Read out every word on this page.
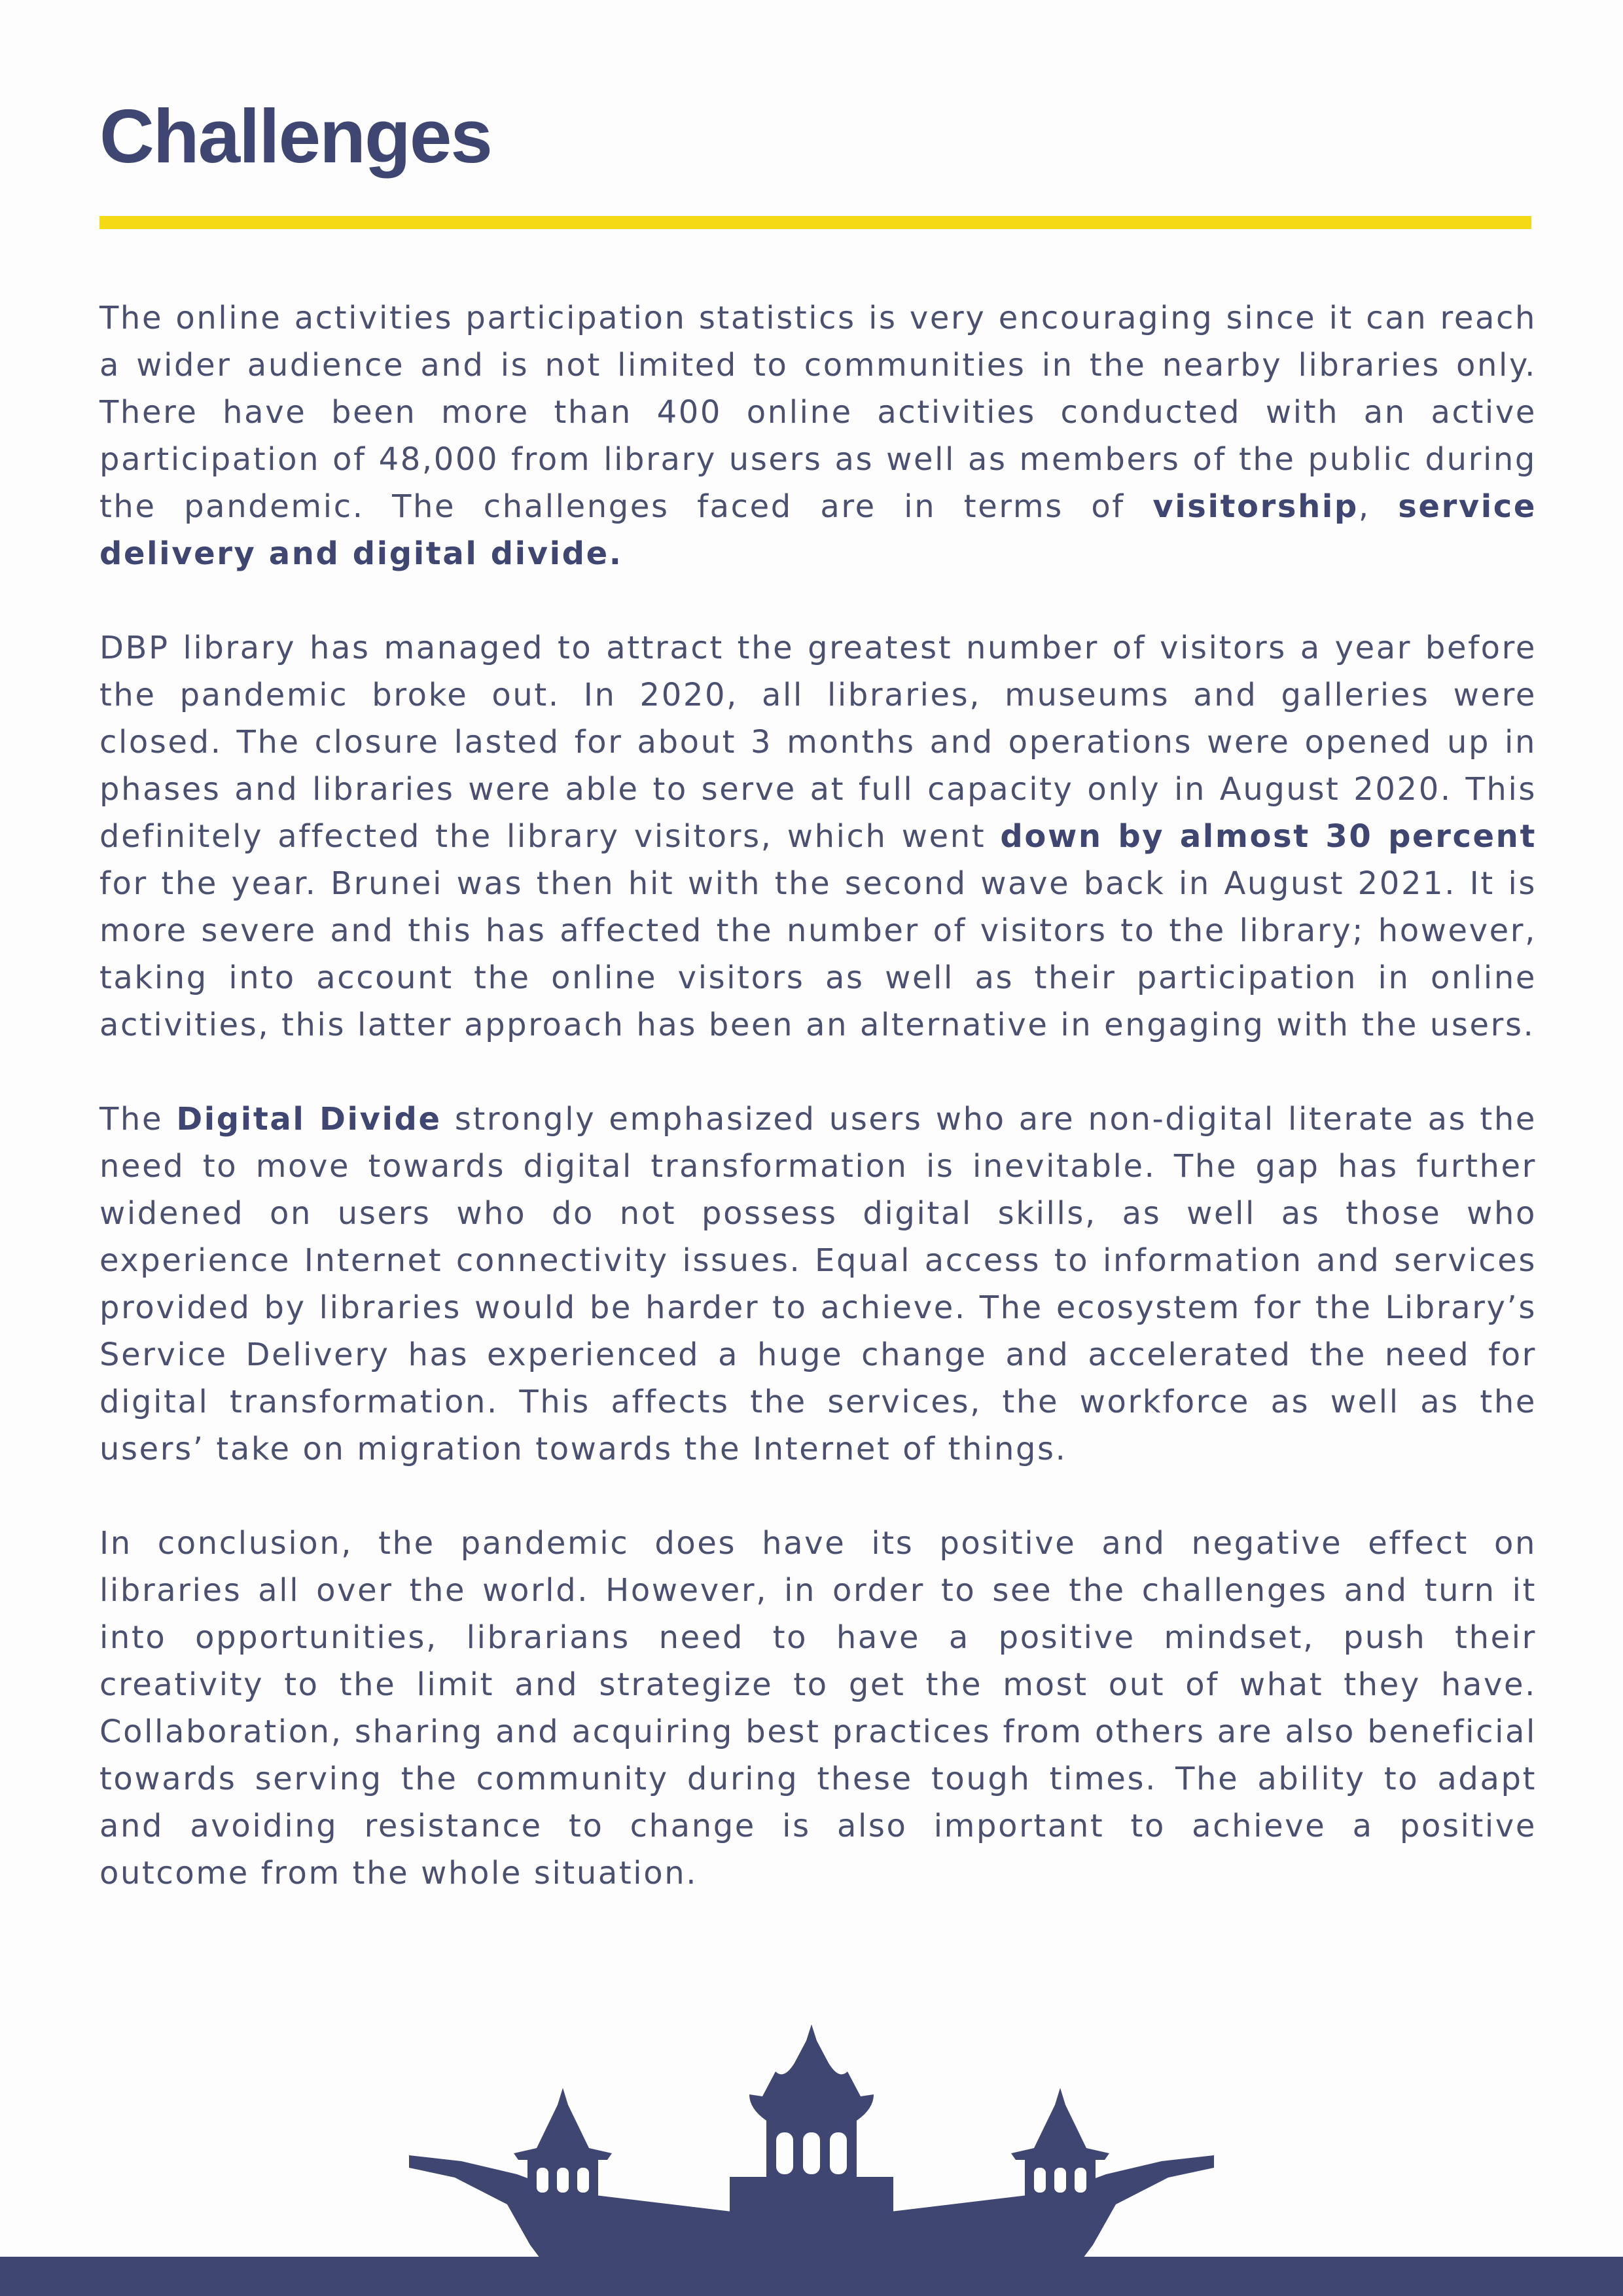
Challenges

The online activities participation statistics is very encouraging since it can reach a wider audience and is not limited to communities in the nearby libraries only. There have been more than 400 online activities conducted with an active participation of 48,000 from library users as well as members of the public during the pandemic. The challenges faced are in terms of visitorship, service delivery and digital divide.

DBP library has managed to attract the greatest number of visitors a year before the pandemic broke out. In 2020, all libraries, museums and galleries were closed. The closure lasted for about 3 months and operations were opened up in phases and libraries were able to serve at full capacity only in August 2020. This definitely affected the library visitors, which went down by almost 30 percent for the year. Brunei was then hit with the second wave back in August 2021. It is more severe and this has affected the number of visitors to the library; however, taking into account the online visitors as well as their participation in online activities, this latter approach has been an alternative in engaging with the users.

The Digital Divide strongly emphasized users who are non-digital literate as the need to move towards digital transformation is inevitable. The gap has further widened on users who do not possess digital skills, as well as those who experience Internet connectivity issues. Equal access to information and services provided by libraries would be harder to achieve. The ecosystem for the Library’s Service Delivery has experienced a huge change and accelerated the need for digital transformation. This affects the services, the workforce as well as the users’ take on migration towards the Internet of things.

In conclusion, the pandemic does have its positive and negative effect on libraries all over the world. However, in order to see the challenges and turn it into opportunities, librarians need to have a positive mindset, push their creativity to the limit and strategize to get the most out of what they have. Collaboration, sharing and acquiring best practices from others are also beneficial towards serving the community during these tough times. The ability to adapt and avoiding resistance to change is also important to achieve a positive outcome from the whole situation.
